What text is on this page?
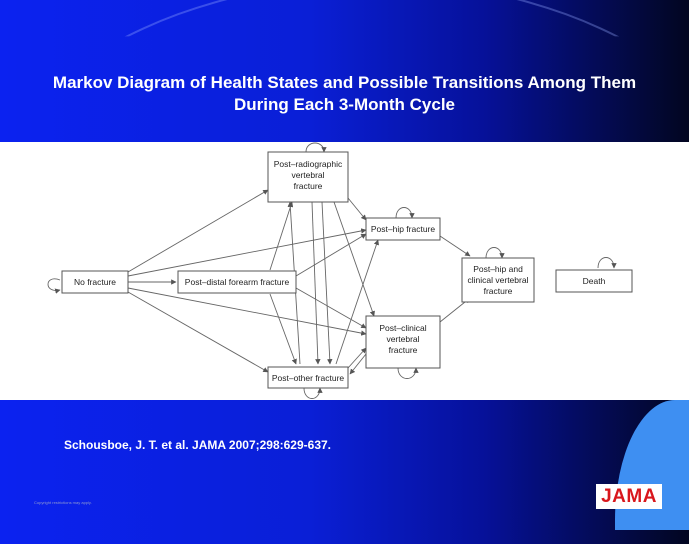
Markov Diagram of Health States and Possible Transitions Among Them
During Each 3-Month Cycle
No fracture	Post–distal forearm fracture
Post–radiographic
vertebral
fracture
Post–hip fracture
Post–hip and
clinical vertebral
fracture
Death
Post–clinical
vertebral
fracture
Post–other fracture
Schousboe, J. T. et al. JAMA 2007;298:629-637.
Copyright restrictions may apply.	JAMA
